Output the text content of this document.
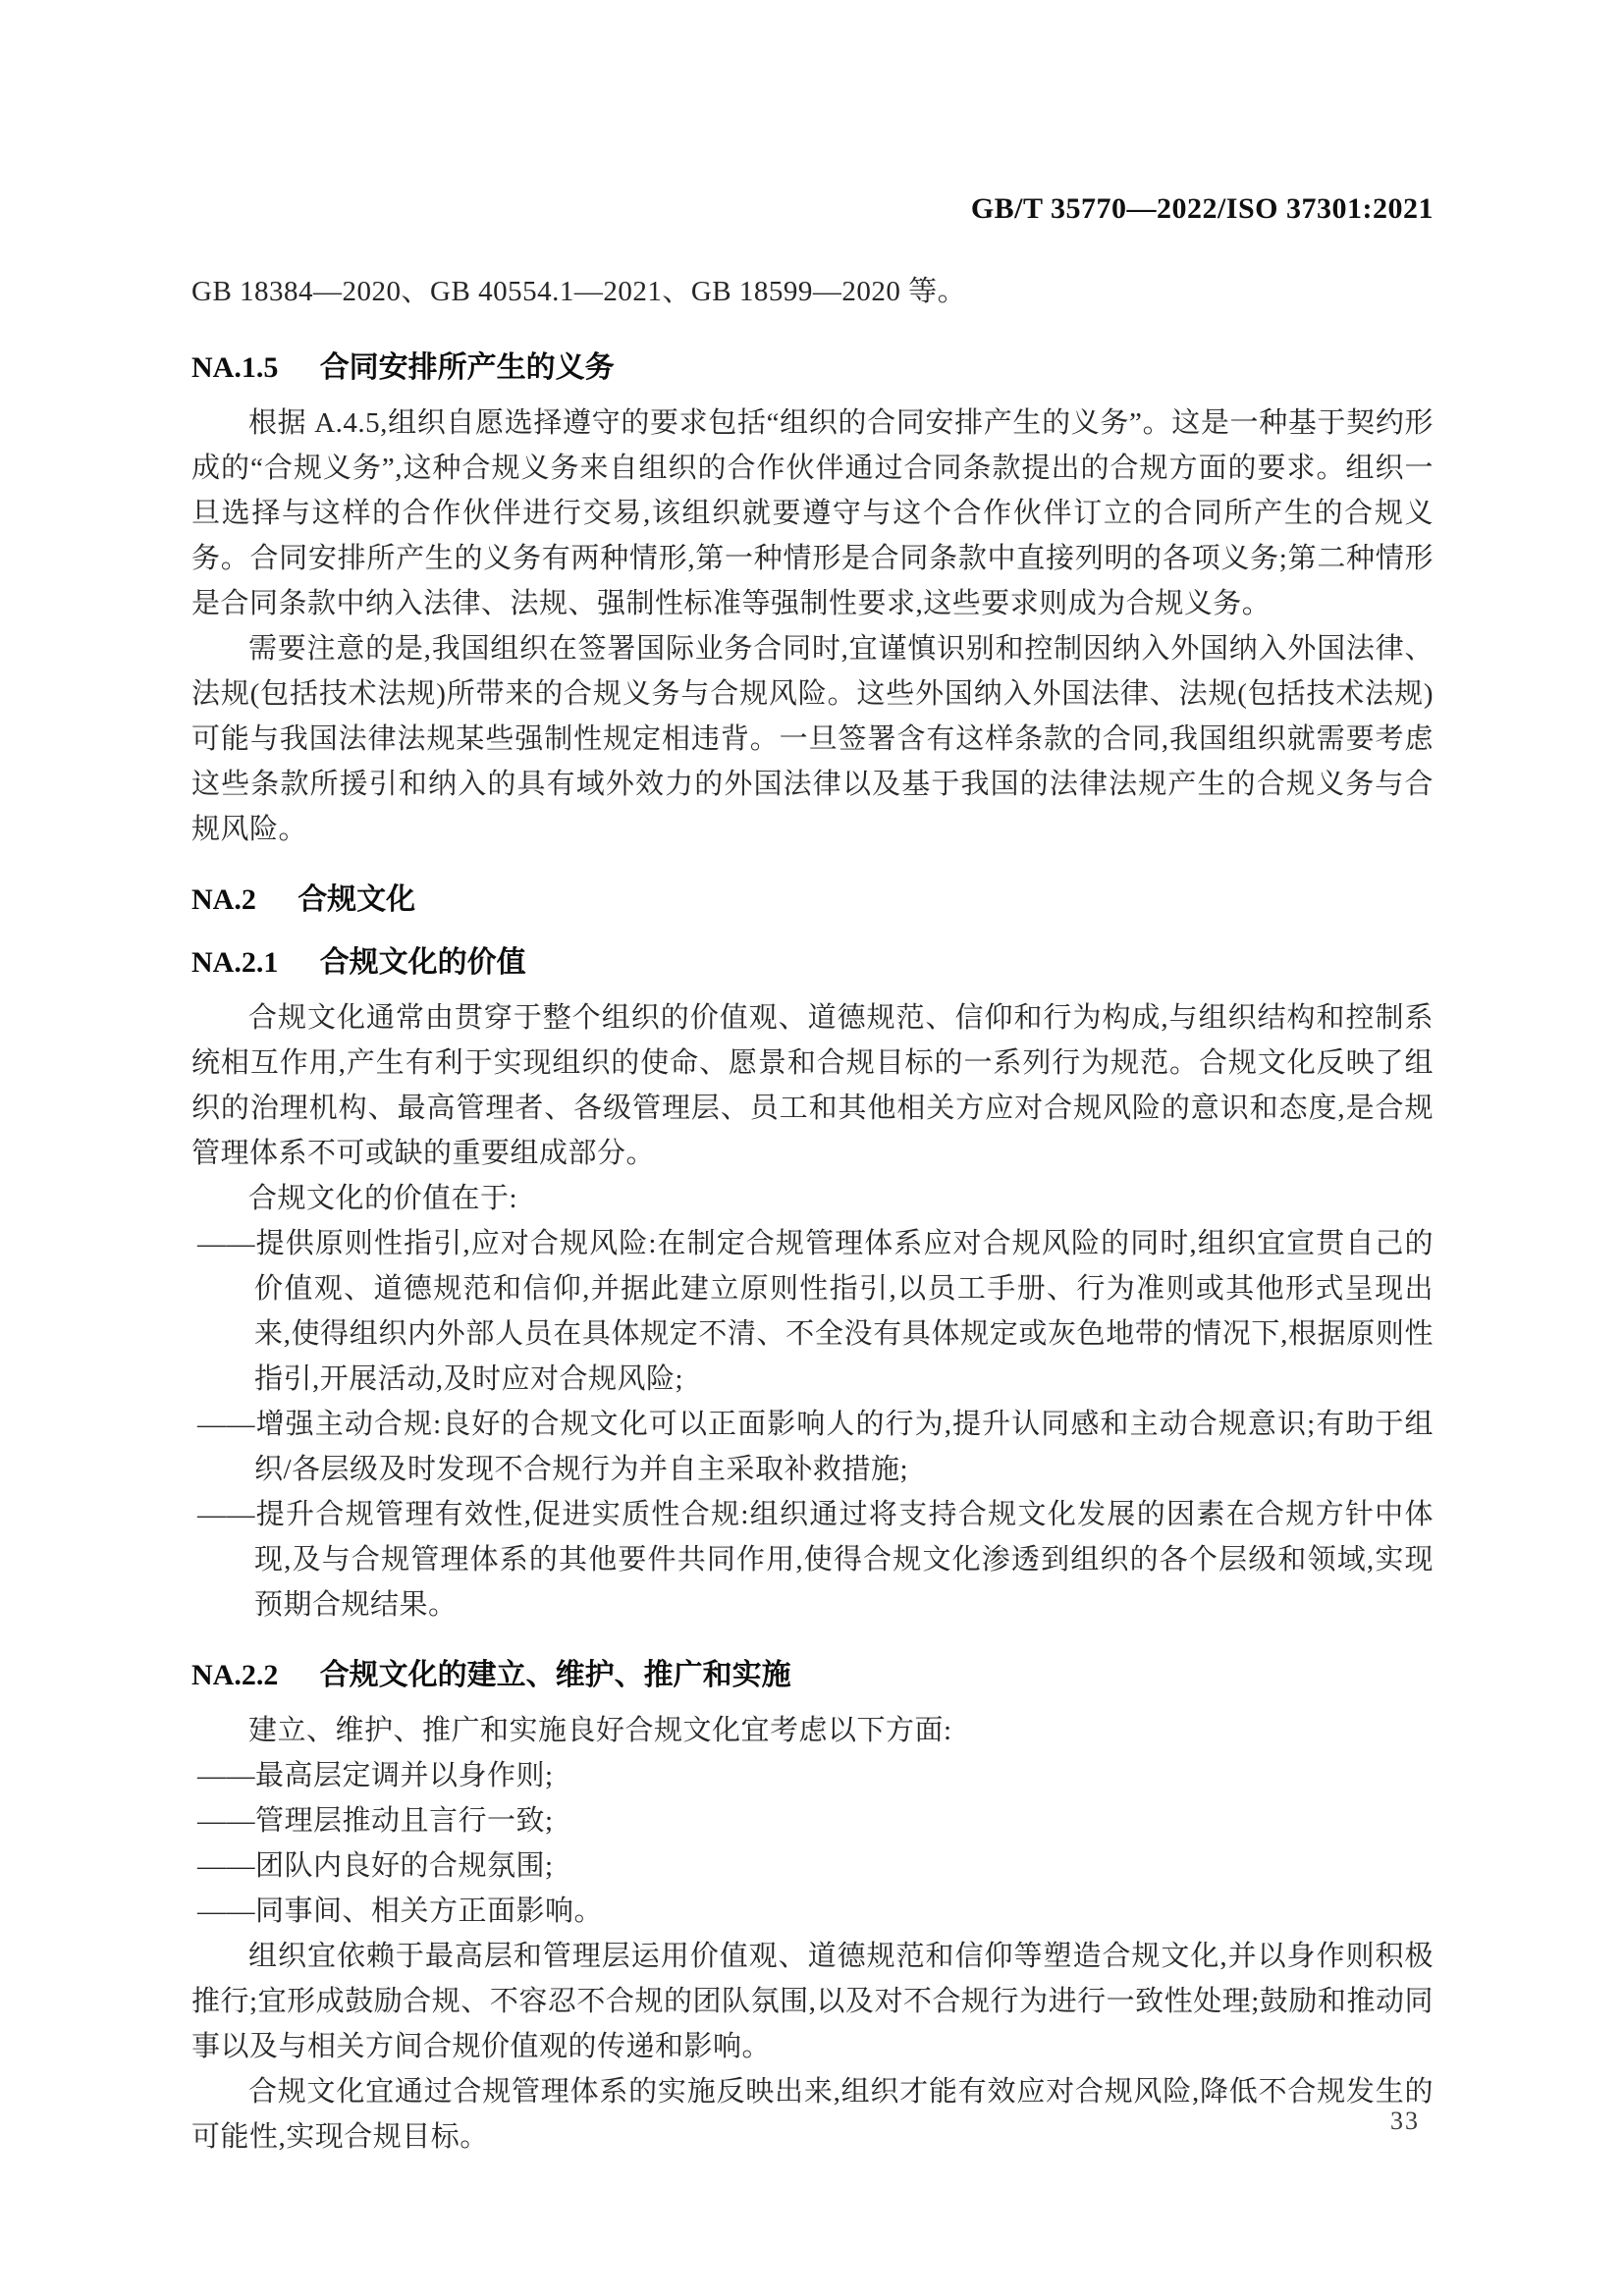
GB/T 35770—2022/ISO 37301:2021

GB 18384—2020、GB 40554.1—2021、GB 18599—2020 等。

NA.1.5 合同安排所产生的义务

根据 A.4.5,组织自愿选择遵守的要求包括“组织的合同安排产生的义务”。这是一种基于契约形成的“合规义务”,这种合规义务来自组织的合作伙伴通过合同条款提出的合规方面的要求。组织一旦选择与这样的合作伙伴进行交易,该组织就要遵守与这个合作伙伴订立的合同所产生的合规义务。合同安排所产生的义务有两种情形,第一种情形是合同条款中直接列明的各项义务;第二种情形是合同条款中纳入法律、法规、强制性标准等强制性要求,这些要求则成为合规义务。

需要注意的是,我国组织在签署国际业务合同时,宜谨慎识别和控制因纳入外国纳入外国法律、法规(包括技术法规)所带来的合规义务与合规风险。这些外国纳入外国法律、法规(包括技术法规)可能与我国法律法规某些强制性规定相违背。一旦签署含有这样条款的合同,我国组织就需要考虑这些条款所援引和纳入的具有域外效力的外国法律以及基于我国的法律法规产生的合规义务与合规风险。

NA.2 合规文化
NA.2.1 合规文化的价值

合规文化通常由贯穿于整个组织的价值观、道德规范、信仰和行为构成,与组织结构和控制系统相互作用,产生有利于实现组织的使命、愿景和合规目标的一系列行为规范。合规文化反映了组织的治理机构、最高管理者、各级管理层、员工和其他相关方应对合规风险的意识和态度,是合规管理体系不可或缺的重要组成部分。

合规文化的价值在于:

——提供原则性指引,应对合规风险:在制定合规管理体系应对合规风险的同时,组织宜宣贯自己的价值观、道德规范和信仰,并据此建立原则性指引,以员工手册、行为准则或其他形式呈现出来,使得组织内外部人员在具体规定不清、不全没有具体规定或灰色地带的情况下,根据原则性指引,开展活动,及时应对合规风险;
——增强主动合规:良好的合规文化可以正面影响人的行为,提升认同感和主动合规意识;有助于组织/各层级及时发现不合规行为并自主采取补救措施;
——提升合规管理有效性,促进实质性合规:组织通过将支持合规文化发展的因素在合规方针中体现,及与合规管理体系的其他要件共同作用,使得合规文化渗透到组织的各个层级和领域,实现预期合规结果。
NA.2.2 合规文化的建立、维护、推广和实施

建立、维护、推广和实施良好合规文化宜考虑以下方面:

——最高层定调并以身作则;
——管理层推动且言行一致;
——团队内良好的合规氛围;
——同事间、相关方正面影响。

组织宜依赖于最高层和管理层运用价值观、道德规范和信仰等塑造合规文化,并以身作则积极推行;宜形成鼓励合规、不容忍不合规的团队氛围,以及对不合规行为进行一致性处理;鼓励和推动同事以及与相关方间合规价值观的传递和影响。

合规文化宜通过合规管理体系的实施反映出来,组织才能有效应对合规风险,降低不合规发生的可能性,实现合规目标。

33
